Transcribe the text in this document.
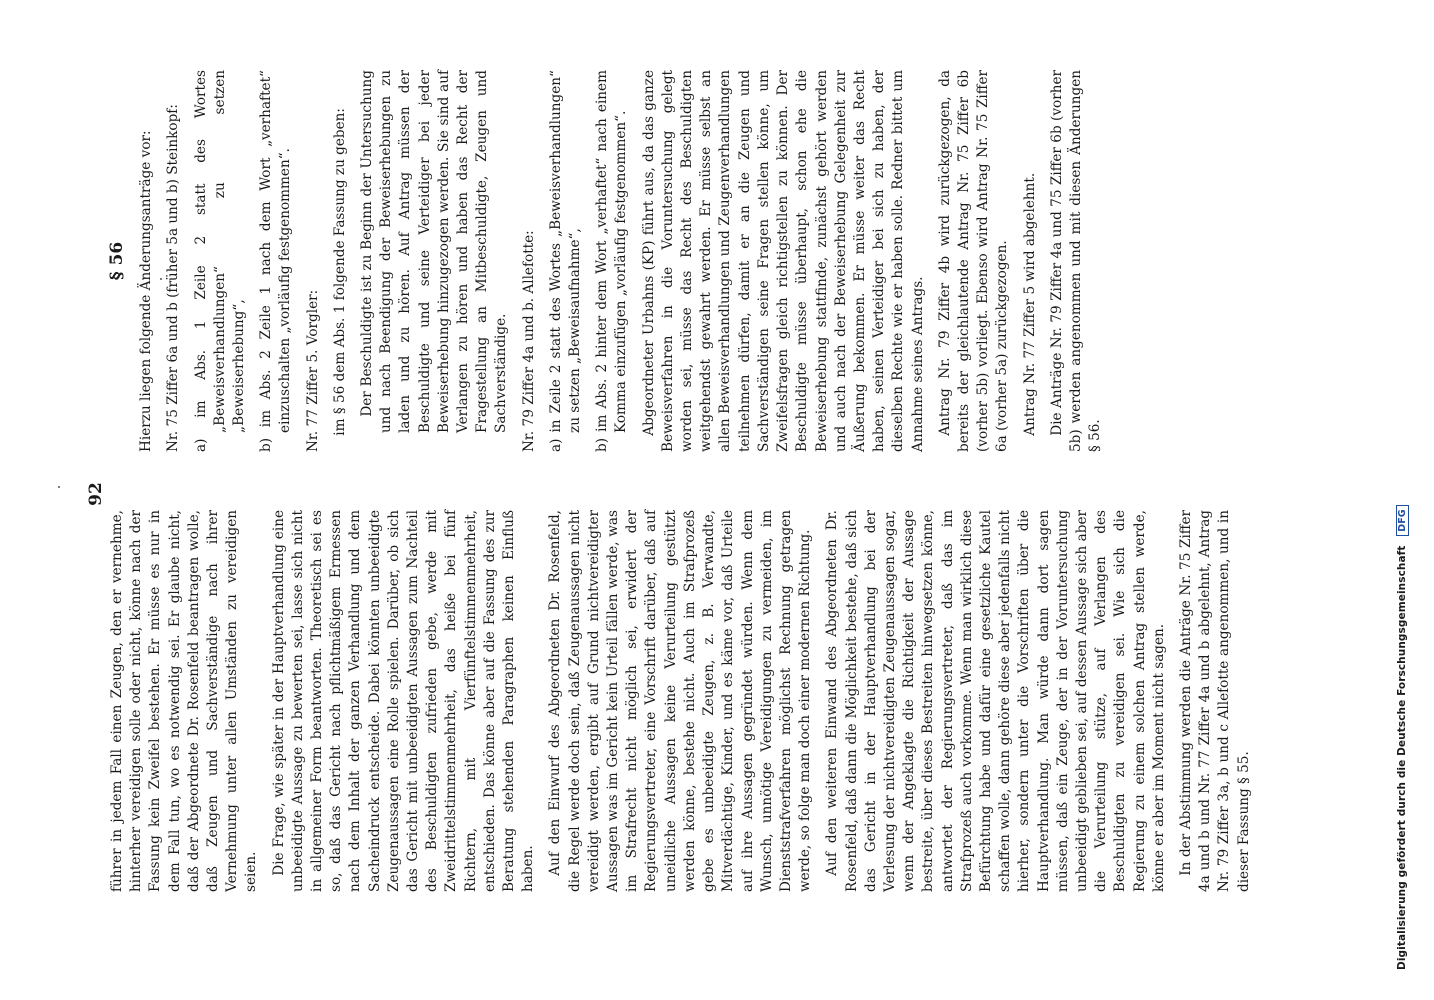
92

führer in jedem Fall einen Zeugen, den er vernehme, hinterher vereidigen solle oder nicht, könne nach der Fassung kein Zweifel bestehen. Er müsse es nur in dem Fall tun, wo es notwendig sei. Er glaube nicht, daß der Abgeordnete Dr. Rosenfeld beantragen wolle, daß Zeugen und Sachverständige nach ihrer Vernehmung unter allen Umständen zu vereidigen seien. Die Frage, wie später in der Hauptverhandlung eine unbeeidigte Aussage zu bewerten sei, lasse sich nicht in allgemeiner Form beantworten. Theoretisch sei es so, daß das Gericht nach pflichtmäßigem Ermessen nach dem Inhalt der ganzen Verhandlung und dem Sacheindruck entscheide. Dabei könnten unbeeidigte Zeugenaussagen eine Rolle spielen. Darüber, ob sich das Gericht mit unbeeidigten Aussagen zum Nachteil des Beschuldigten zufrieden gebe, werde mit Zweidrittelstimmenmehrheit, das heiße bei fünf Richtern, mit Vierfünftelstimmenmehrheit, entschieden. Das könne aber auf die Fassung des zur Beratung stehenden Paragraphen keinen Einfluß haben. Auf den Einwurf des Abgeordneten Dr. Rosenfeld, die Regel werde doch sein, daß Zeugenaussagen nicht vereidigt werden, ergibt auf Grund nichtvereidigter Aussagen was im Gericht kein Urteil fällen werde, was im Strafrecht nicht möglich sei, erwidert der Regierungsvertreter, eine Vorschrift darüber, daß auf uneidliche Aussagen keine Verurteilung gestützt werden könne, bestehe nicht. Auch im Strafprozeß gebe es unbeeidigte Zeugen, z. B. Verwandte, Mitverdächtige, Kinder, und es käme vor, daß Urteile auf ihre Aussagen gegründet würden. Wenn dem Wunsch, unnötige Vereidigungen zu vermeiden, im Dienststrafverfahren möglichst Rechnung getragen werde, so folge man doch einer modernen Richtung. Auf den weiteren Einwand des Abgeordneten Dr. Rosenfeld, daß dann die Möglichkeit bestehe, daß sich das Gericht in der Hauptverhandlung bei der Verlesung der nichtvereidigten Zeugenaussagen sogar, wenn der Angeklagte die Richtigkeit der Aussage bestreite, über dieses Bestreiten hinwegsetzen könne, antwortet der Regierungsvertreter, daß das im Strafprozeß auch vorkomme. Wenn man wirklich diese Befürchtung habe und dafür eine gesetzliche Kautel schaffen wolle, dann gehöre diese aber jedenfalls nicht hierher, sondern unter die Vorschriften über die Hauptverhandlung. Man würde dann dort sagen müssen, daß ein Zeuge, der in der Voruntersuchung unbeeidigt geblieben sei, auf dessen Aussage sich aber die Verurteilung stütze, auf Verlangen des Beschuldigten zu vereidigen sei. Wie sich die Regierung zu einem solchen Antrag stellen werde, könne er aber im Moment nicht sagen. In der Abstimmung werden die Anträge Nr. 75 Ziffer 4a und b und Nr. 77 Ziffer 4a und b abgelehnt, Antrag Nr. 79 Ziffer 3a, b und c Allefotte angenommen, und in dieser Fassung § 55.

§ 56 Hierzu liegen folgende Änderungsanträge vor: Nr. 75 Ziffer 6a und b (früher 5a und b) Steinkopf: a) im Abs. 1 Zeile 2 statt des Wortes „Beweisverhandlungen“ zu setzen „Beweiserhebung“, b) im Abs. 2 Zeile 1 nach dem Wort „verhaftet“ einzuschalten „vorläufig festgenommen“. Nr. 77 Ziffer 5. Vorgler: im § 56 dem Abs. 1 folgende Fassung zu geben: Der Beschuldigte ist zu Beginn der Untersuchung und nach Beendigung der Beweiserhebungen zu laden und zu hören. Auf Antrag müssen der Beschuldigte und seine Verteidiger bei jeder Beweiserhebung hinzugezogen werden. Sie sind auf Verlangen zu hören und haben das Recht der Fragestellung an Mitbeschuldigte, Zeugen und Sachverständige. Nr. 79 Ziffer 4a und b. Allefotte: a) in Zeile 2 statt des Wortes „Beweisverhandlungen“ zu setzen „Beweisaufnahme“, b) im Abs. 2 hinter dem Wort „verhaftet“ nach einem Komma einzufügen „vorläufig festgenommen“. Abgeordneter Urbahns (KP) führt aus, da das ganze Beweisverfahren in die Voruntersuchung gelegt worden sei, müsse das Recht des Beschuldigten weitgehendst gewahrt werden. Er müsse selbst an allen Beweisverhandlungen und Zeugenverhandlungen teilnehmen dürfen, damit er an die Zeugen und Sachverständigen seine Fragen stellen könne, um Zweifelsfragen gleich richtigstellen zu können. Der Beschuldigte müsse überhaupt, schon ehe die Beweiserhebung stattfinde, zunächst gehört werden und auch nach der Beweiserhebung Gelegenheit zur Äußerung bekommen. Er müsse weiter das Recht haben, seinen Verteidiger bei sich zu haben, der dieselben Rechte wie er haben solle. Redner bittet um Annahme seines Antrags. Antrag Nr. 79 Ziffer 4b wird zurückgezogen, da bereits der gleichlautende Antrag Nr. 75 Ziffer 6b (vorher 5b) vorliegt. Ebenso wird Antrag Nr. 75 Ziffer 6a (vorher 5a) zurückgezogen. Antrag Nr. 77 Ziffer 5 wird abgelehnt. Die Anträge Nr. 79 Ziffer 4a und 75 Ziffer 6b (vorher 5b) werden angenommen und mit diesen Änderungen § 56.

Digitalisierung gefördert durch die Deutsche Forschungsgemeinschaft DFG
